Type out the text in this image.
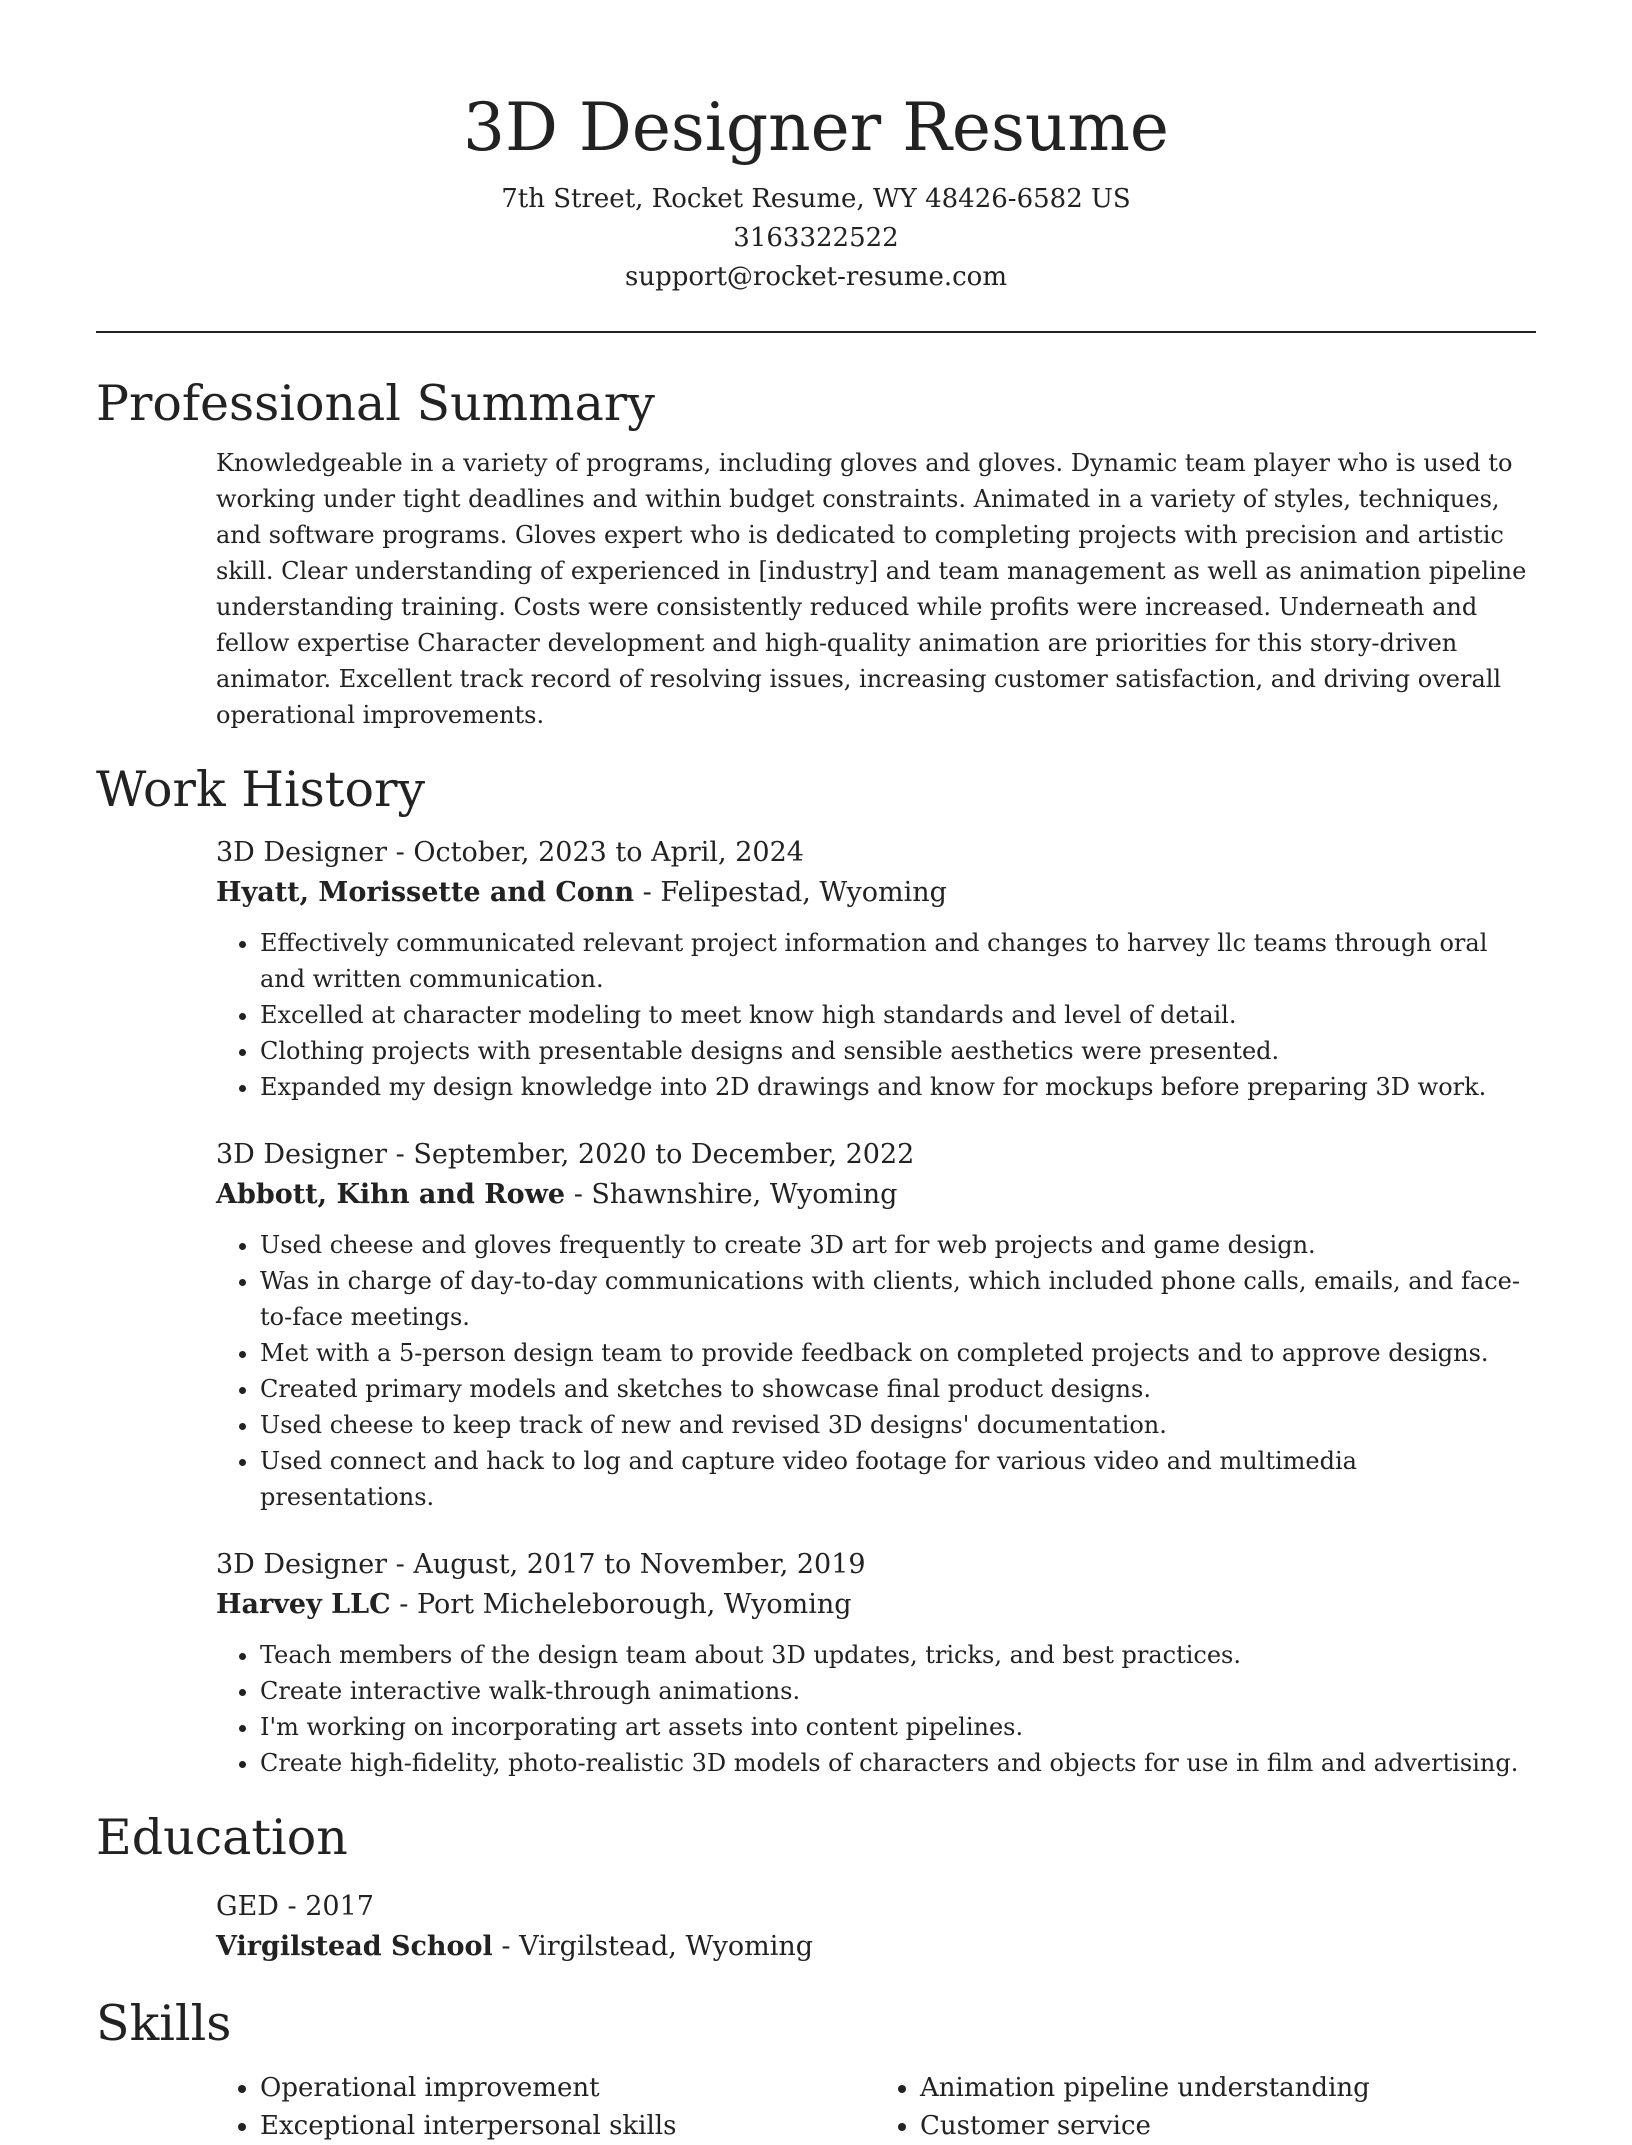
3D Designer Resume
7th Street, Rocket Resume, WY 48426-6582 US
3163322522
support@rocket-resume.com
Professional Summary
Knowledgeable in a variety of programs, including gloves and gloves. Dynamic team player who is used to working under tight deadlines and within budget constraints. Animated in a variety of styles, techniques, and software programs. Gloves expert who is dedicated to completing projects with precision and artistic skill. Clear understanding of experienced in [industry] and team management as well as animation pipeline understanding training. Costs were consistently reduced while profits were increased. Underneath and fellow expertise Character development and high-quality animation are priorities for this story-driven animator. Excellent track record of resolving issues, increasing customer satisfaction, and driving overall operational improvements.
Work History
3D Designer - October, 2023 to April, 2024
Hyatt, Morissette and Conn - Felipestad, Wyoming
• Effectively communicated relevant project information and changes to harvey llc teams through oral and written communication.
• Excelled at character modeling to meet know high standards and level of detail.
• Clothing projects with presentable designs and sensible aesthetics were presented.
• Expanded my design knowledge into 2D drawings and know for mockups before preparing 3D work.
3D Designer - September, 2020 to December, 2022
Abbott, Kihn and Rowe - Shawnshire, Wyoming
• Used cheese and gloves frequently to create 3D art for web projects and game design.
• Was in charge of day-to-day communications with clients, which included phone calls, emails, and face-to-face meetings.
• Met with a 5-person design team to provide feedback on completed projects and to approve designs.
• Created primary models and sketches to showcase final product designs.
• Used cheese to keep track of new and revised 3D designs' documentation.
• Used connect and hack to log and capture video footage for various video and multimedia presentations.
3D Designer - August, 2017 to November, 2019
Harvey LLC - Port Micheleborough, Wyoming
• Teach members of the design team about 3D updates, tricks, and best practices.
• Create interactive walk-through animations.
• I'm working on incorporating art assets into content pipelines.
• Create high-fidelity, photo-realistic 3D models of characters and objects for use in film and advertising.
Education
GED - 2017
Virgilstead School - Virgilstead, Wyoming
Skills
• Operational improvement
• Exceptional interpersonal skills
• Animation pipeline understanding
• Customer service
